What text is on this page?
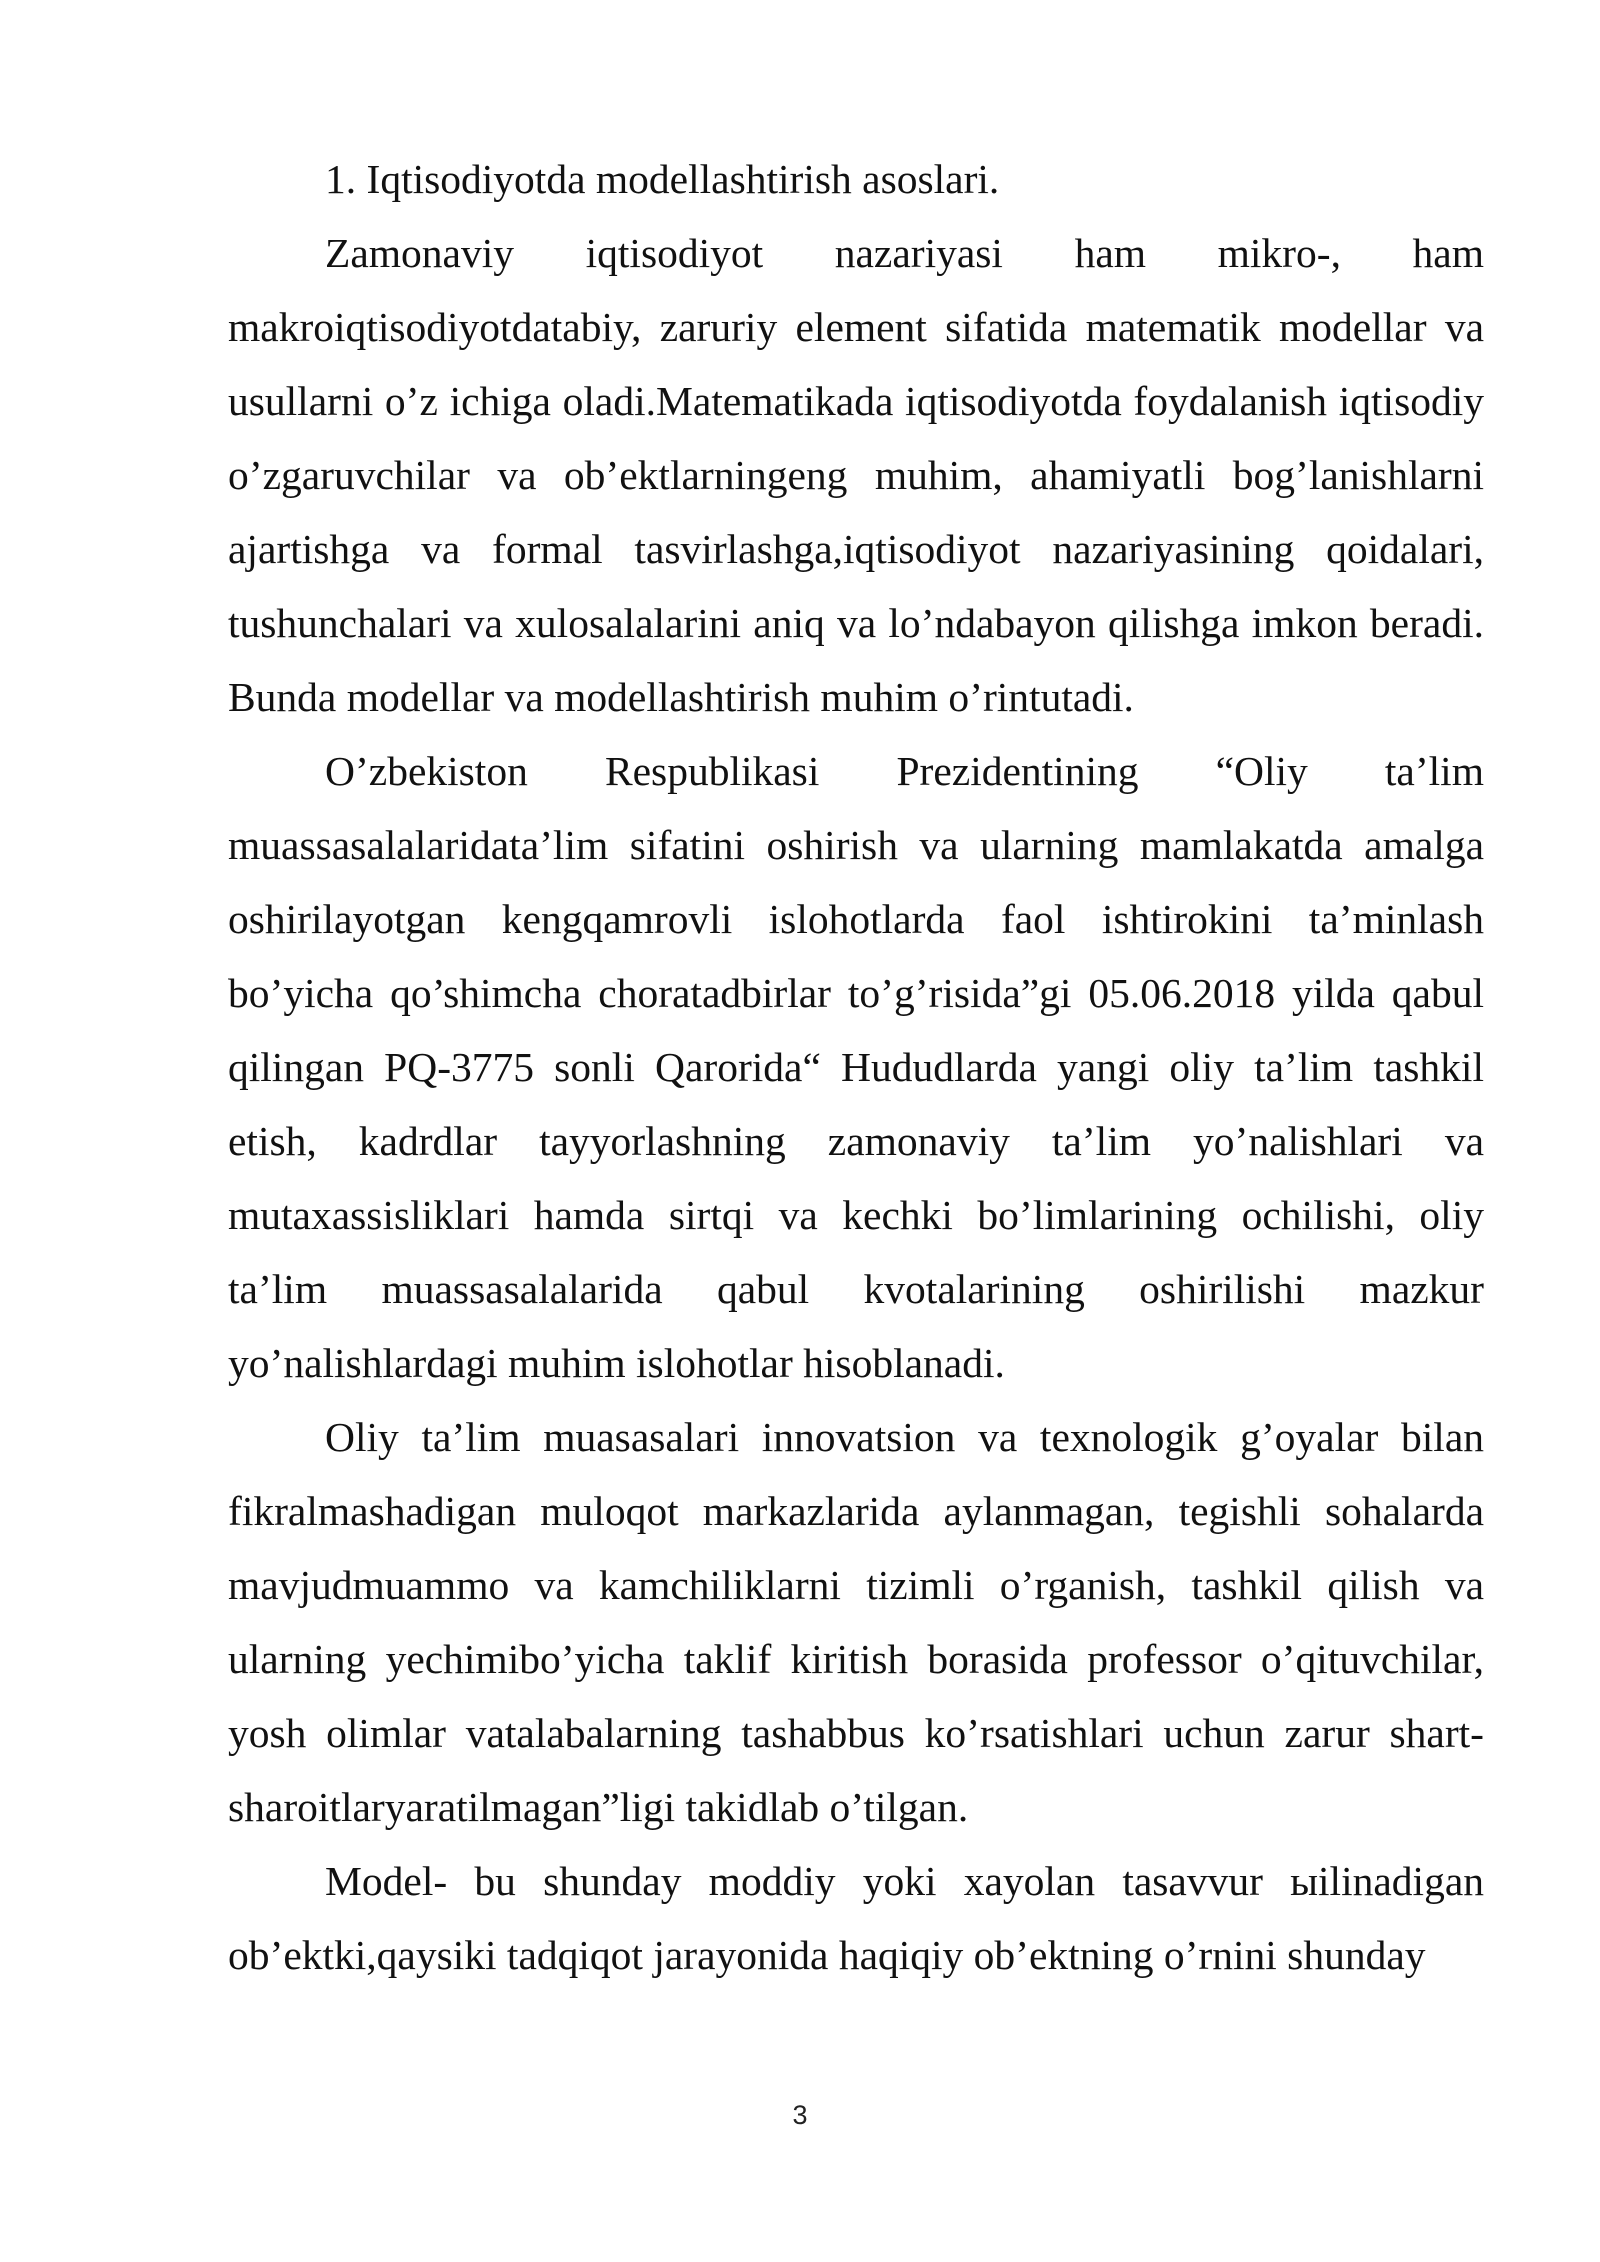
1. Iqtisodiyotda modellashtirish asoslari.

Zamonaviy iqtisodiyot nazariyasi ham mikro-, ham makroiqtisodiyotdatabiy, zaruriy element sifatida matematik modellar va usullarni o’z ichiga oladi.Matematikada iqtisodiyotda foydalanish iqtisodiy o’zgaruvchilar va ob’ektlarningeng muhim, ahamiyatli bog’lanishlarni ajartishga va formal tasvirlashga,iqtisodiyot nazariyasining qoidalari, tushunchalari va xulosalalarini aniq va lo’ndabayon qilishga imkon beradi. Bunda modellar va modellashtirish muhim o’rintutadi.

O’zbekiston Respublikasi Prezidentining “Oliy ta’lim muassasalalaridata’lim sifatini oshirish va ularning mamlakatda amalga oshirilayotgan kengqamrovli islohotlarda faol ishtirokini ta’minlash bo’yicha qo’shimcha choratadbirlar to’g’risida”gi 05.06.2018 yilda qabul qilingan PQ-3775 sonli Qarorida“ Hududlarda yangi oliy ta’lim tashkil etish, kadrdlar tayyorlashning zamonaviy ta’lim yo’nalishlari va mutaxassisliklari hamda sirtqi va kechki bo’limlarining ochilishi, oliy ta’lim muassasalalarida qabul kvotalarining oshirilishi mazkur yo’nalishlardagi muhim islohotlar hisoblanadi.

Oliy ta’lim muasasalari innovatsion va texnologik g’oyalar bilan fikralmashadigan muloqot markazlarida aylanmagan, tegishli sohalarda mavjudmuammo va kamchiliklarni tizimli o’rganish, tashkil qilish va ularning yechimibo’yicha taklif kiritish borasida professor o’qituvchilar, yosh olimlar vatalabalarning tashabbus ko’rsatishlari uchun zarur shart-sharoitlaryaratilmagan”ligi takidlab o’tilgan.

Model- bu shunday moddiy yoki xayolan tasavvur ыilinadigan ob’ektki,qaysiki tadqiqot jarayonida haqiqiy ob’ektning o’rnini shunday

3
